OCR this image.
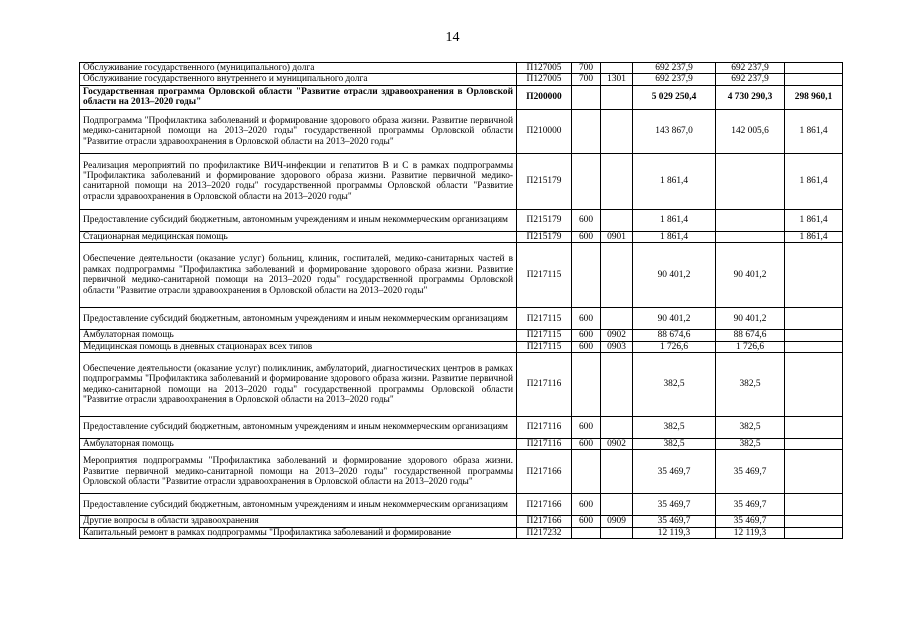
14
Обслуживание государственного (муниципального) долга	П127005	700		692 237,9	692 237,9	
Обслуживание государственного внутреннего и муниципального долга	П127005	700	1301	692 237,9	692 237,9	
Государственная программа Орловской области "Развитие отрасли здравоохранения в Орловской области на 2013–2020 годы"	П200000			5 029 250,4	4 730 290,3	298 960,1
Подпрограмма "Профилактика заболеваний и формирование здорового образа жизни. Развитие первичной медико-санитарной помощи на 2013–2020 годы" государственной программы Орловской области "Развитие отрасли здравоохранения в Орловской области на 2013–2020 годы"	П210000			143 867,0	142 005,6	1 861,4
Реализация мероприятий по профилактике ВИЧ-инфекции и гепатитов В и С в рамках подпрограммы "Профилактика заболеваний и формирование здорового образа жизни. Развитие первичной медико-санитарной помощи на 2013–2020 годы" государственной программы Орловской области "Развитие отрасли здравоохранения в Орловской области на 2013–2020 годы"	П215179			1 861,4		1 861,4
Предоставление субсидий бюджетным, автономным учреждениям и иным некоммерческим организациям	П215179	600		1 861,4		1 861,4
Стационарная медицинская помощь	П215179	600	0901	1 861,4		1 861,4
Обеспечение деятельности (оказание услуг) больниц, клиник, госпиталей, медико-санитарных частей в рамках подпрограммы "Профилактика заболеваний и формирование здорового образа жизни. Развитие первичной медико-санитарной помощи на 2013–2020 годы" государственной программы Орловской области "Развитие отрасли здравоохранения в Орловской области на 2013–2020 годы"	П217115			90 401,2	90 401,2	
Предоставление субсидий бюджетным, автономным учреждениям и иным некоммерческим организациям	П217115	600		90 401,2	90 401,2	
Амбулаторная помощь	П217115	600	0902	88 674,6	88 674,6	
Медицинская помощь в дневных стационарах всех типов	П217115	600	0903	1 726,6	1 726,6	
Обеспечение деятельности (оказание услуг) поликлиник, амбулаторий, диагностических центров в рамках подпрограммы "Профилактика заболеваний и формирование здорового образа жизни. Развитие первичной медико-санитарной помощи на 2013–2020 годы" государственной программы Орловской области "Развитие отрасли здравоохранения в Орловской области на 2013–2020 годы"	П217116			382,5	382,5	
Предоставление субсидий бюджетным, автономным учреждениям и иным некоммерческим организациям	П217116	600		382,5	382,5	
Амбулаторная помощь	П217116	600	0902	382,5	382,5	
Мероприятия подпрограммы "Профилактика заболеваний и формирование здорового образа жизни. Развитие первичной медико-санитарной помощи на 2013–2020 годы" государственной программы Орловской области "Развитие отрасли здравоохранения в Орловской области на 2013–2020 годы"	П217166			35 469,7	35 469,7	
Предоставление субсидий бюджетным, автономным учреждениям и иным некоммерческим организациям	П217166	600		35 469,7	35 469,7	
Другие вопросы в области здравоохранения	П217166	600	0909	35 469,7	35 469,7	
Капитальный ремонт в рамках подпрограммы "Профилактика заболеваний и формирование	П217232			12 119,3	12 119,3	
